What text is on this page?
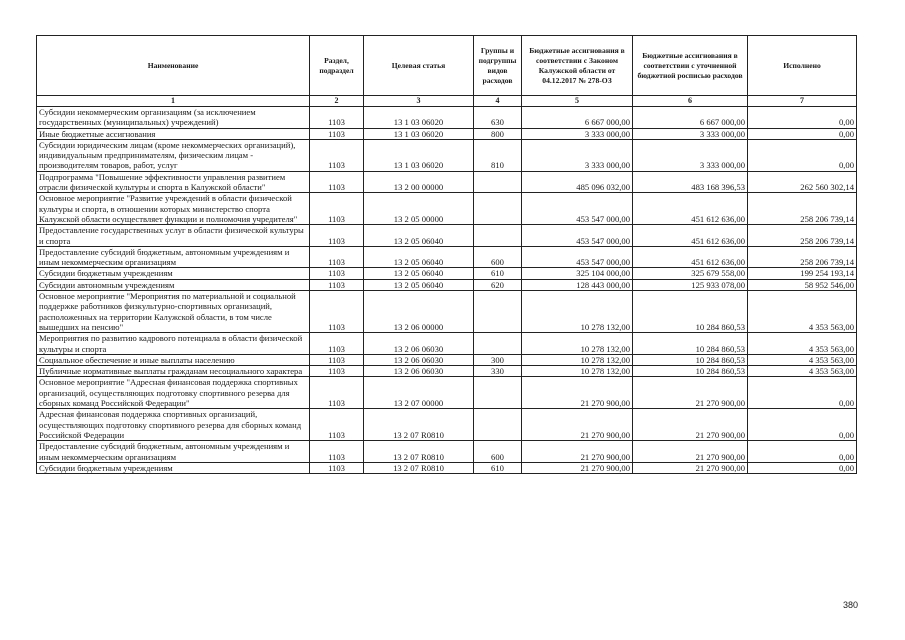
Наименование	Раздел, подраздел	Целевая статья	Группы и подгруппы видов расходов	Бюджетные ассигнования в соответствии с Законом Калужской области от 04.12.2017 № 278-ОЗ	Бюджетные ассигнования в соответствии с уточненной бюджетной росписью расходов	Исполнено
1	2	3	4	5	6	7
Субсидии некоммерческим организациям (за исключением государственных (муниципальных) учреждений)	1103	13 1 03 06020	630	6 667 000,00	6 667 000,00	0,00
Иные бюджетные ассигнования	1103	13 1 03 06020	800	3 333 000,00	3 333 000,00	0,00
Субсидии юридическим лицам (кроме некоммерческих организаций), индивидуальным предпринимателям, физическим лицам - производителям товаров, работ, услуг	1103	13 1 03 06020	810	3 333 000,00	3 333 000,00	0,00
Подпрограмма "Повышение эффективности управления развитием отрасли физической культуры и спорта в Калужской области"	1103	13 2 00 00000		485 096 032,00	483 168 396,53	262 560 302,14
Основное мероприятие "Развитие учреждений в области физической культуры и спорта, в отношении которых министерство спорта Калужской области осуществляет функции и полномочия учредителя"	1103	13 2 05 00000		453 547 000,00	451 612 636,00	258 206 739,14
Предоставление государственных услуг в области физической культуры и спорта	1103	13 2 05 06040		453 547 000,00	451 612 636,00	258 206 739,14
Предоставление субсидий бюджетным, автономным учреждениям и иным некоммерческим организациям	1103	13 2 05 06040	600	453 547 000,00	451 612 636,00	258 206 739,14
Субсидии бюджетным учреждениям	1103	13 2 05 06040	610	325 104 000,00	325 679 558,00	199 254 193,14
Субсидии автономным учреждениям	1103	13 2 05 06040	620	128 443 000,00	125 933 078,00	58 952 546,00
Основное мероприятие "Мероприятия по материальной и социальной поддержке работников физкультурно-спортивных организаций, расположенных на территории Калужской области, в том числе вышедших на пенсию"	1103	13 2 06 00000		10 278 132,00	10 284 860,53	4 353 563,00
Мероприятия по развитию кадрового потенциала в области физической культуры и спорта	1103	13 2 06 06030		10 278 132,00	10 284 860,53	4 353 563,00
Социальное обеспечение и иные выплаты населению	1103	13 2 06 06030	300	10 278 132,00	10 284 860,53	4 353 563,00
Публичные нормативные выплаты гражданам несоциального характера	1103	13 2 06 06030	330	10 278 132,00	10 284 860,53	4 353 563,00
Основное мероприятие "Адресная финансовая поддержка спортивных организаций, осуществляющих подготовку спортивного резерва для сборных команд Российской Федерации"	1103	13 2 07 00000		21 270 900,00	21 270 900,00	0,00
Адресная финансовая поддержка спортивных организаций, осуществляющих подготовку спортивного резерва для сборных команд Российской Федерации	1103	13 2 07 R0810		21 270 900,00	21 270 900,00	0,00
Предоставление субсидий бюджетным, автономным учреждениям и иным некоммерческим организациям	1103	13 2 07 R0810	600	21 270 900,00	21 270 900,00	0,00
Субсидии бюджетным учреждениям	1103	13 2 07 R0810	610	21 270 900,00	21 270 900,00	0,00
380
